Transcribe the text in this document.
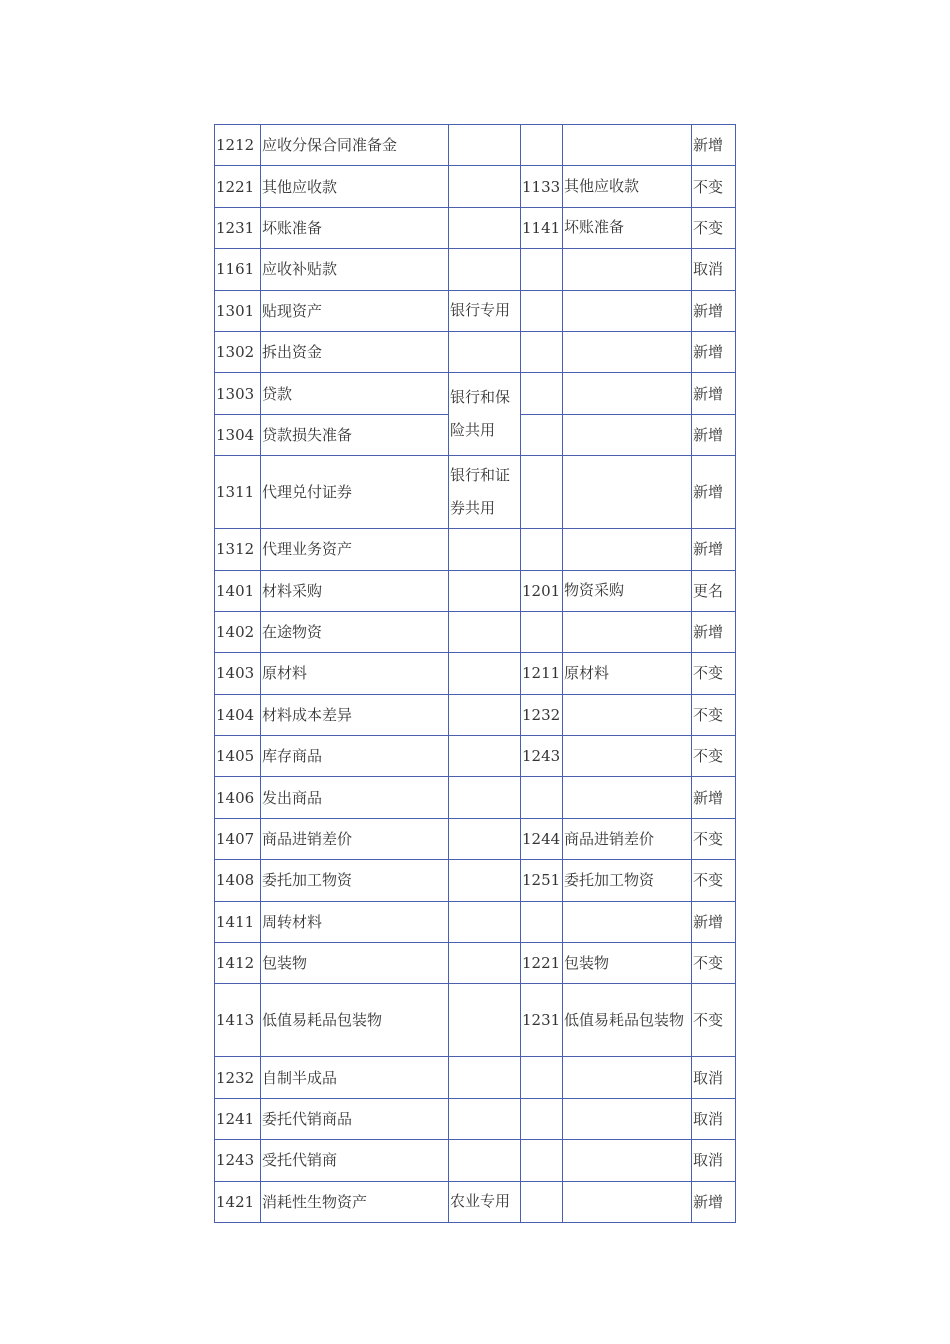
1212	应收分保合同准备金				新增
1221	其他应收款		1133	其他应收款	不变
1231	坏账准备		1141	坏账准备	不变
1161	应收补贴款				取消
1301	贴现资产	银行专用			新增
1302	拆出资金				新增
1303	贷款	银行和保险共用			新增
1304	贷款损失准备				新增
1311	代理兑付证券	银行和证券共用			新增
1312	代理业务资产				新增
1401	材料采购		1201	物资采购	更名
1402	在途物资				新增
1403	原材料		1211	原材料	不变
1404	材料成本差异		1232		不变
1405	库存商品		1243		不变
1406	发出商品				新增
1407	商品进销差价		1244	商品进销差价	不变
1408	委托加工物资		1251	委托加工物资	不变
1411	周转材料				新增
1412	包装物		1221	包装物	不变
1413	低值易耗品包装物		1231	低值易耗品包装物	不变
1232	自制半成品				取消
1241	委托代销商品				取消
1243	受托代销商				取消
1421	消耗性生物资产	农业专用			新增
